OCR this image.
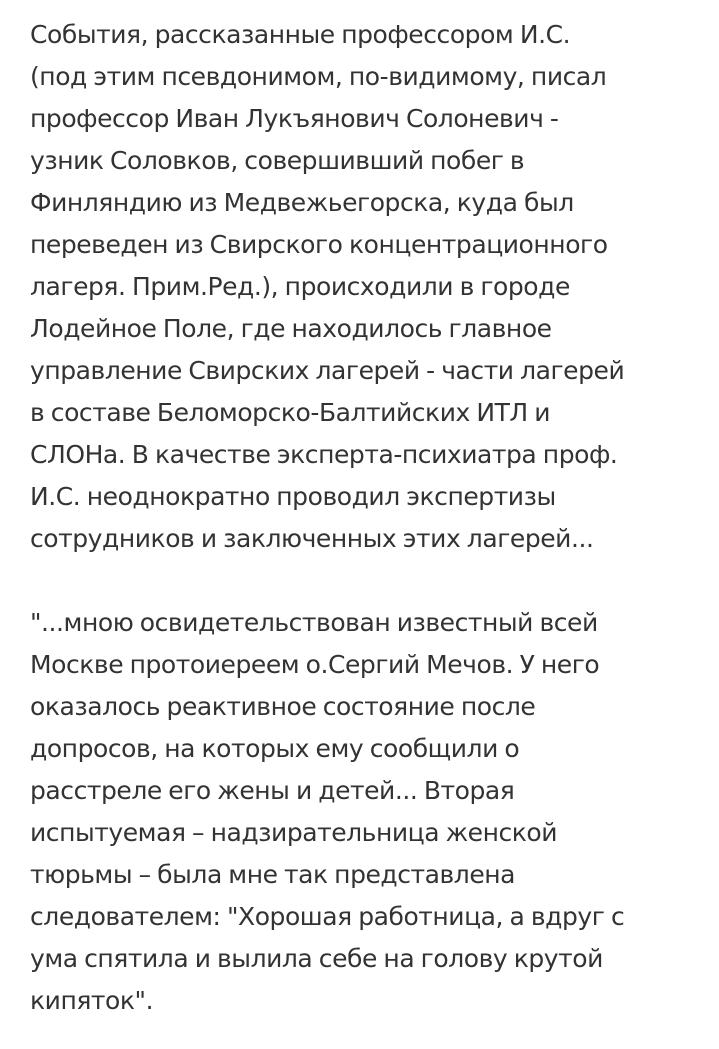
События, рассказанные профессором И.С.
(под этим псевдонимом, по-видимому, писал
профессор Иван Лукъянович Солоневич -
узник Соловков, совершивший побег в
Финляндию из Медвежьегорска, куда был
переведен из Свирского концентрационного
лагеря. Прим.Ред.), происходили в городе
Лодейное Поле, где находилось главное
управление Свирских лагерей - части лагерей
в составе Беломорско-Балтийских ИТЛ и
СЛОНа. В качестве эксперта-психиатра проф.
И.С. неоднократно проводил экспертизы
сотрудников и заключенных этих лагерей...
"...мною освидетельствован известный всей
Москве протоиереем о.Сергий Мечов. У него
оказалось реактивное состояние после
допросов, на которых ему сообщили о
расстреле его жены и детей... Вторая
испытуемая – надзирательница женской
тюрьмы – была мне так представлена
следователем: "Хорошая работница, а вдруг с
ума спятила и вылила себе на голову крутой
кипяток".
